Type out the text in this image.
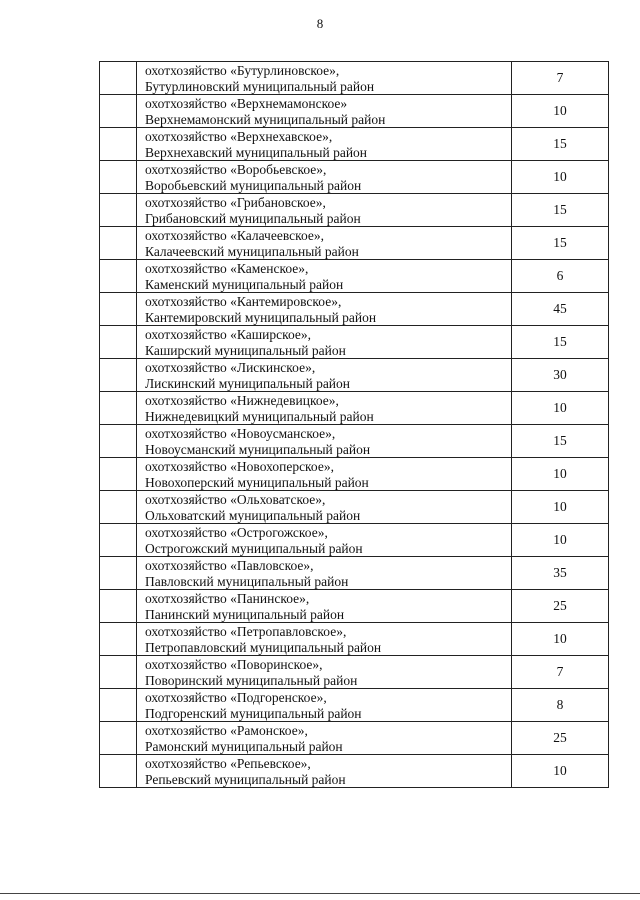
8

	охотхозяйство «Бутурлиновское»,
Бутурлиновский муниципальный район	7

	охотхозяйство «Верхнемамонское»
Верхнемамонский муниципальный район	10

	охотхозяйство «Верхнехавское»,
Верхнехавский муниципальный район	15

	охотхозяйство «Воробьевское»,
Воробьевский муниципальный район	10

	охотхозяйство «Грибановское»,
Грибановский муниципальный район	15

	охотхозяйство «Калачеевское»,
Калачеевский муниципальный район	15

	охотхозяйство «Каменское»,
Каменский муниципальный район	6

	охотхозяйство «Кантемировское»,
Кантемировский муниципальный район	45

	охотхозяйство «Каширское»,
Каширский муниципальный район	15

	охотхозяйство «Лискинское»,
Лискинский муниципальный район	30

	охотхозяйство «Нижнедевицкое»,
Нижнедевицкий муниципальный район	10

	охотхозяйство «Новоусманское»,
Новоусманский муниципальный район	15

	охотхозяйство «Новохоперское»,
Новохоперский муниципальный район	10

	охотхозяйство «Ольховатское»,
Ольховатский муниципальный район	10

	охотхозяйство «Острогожское»,
Острогожский муниципальный район	10

	охотхозяйство «Павловское»,
Павловский муниципальный район	35

	охотхозяйство «Панинское»,
Панинский муниципальный район	25

	охотхозяйство «Петропавловское»,
Петропавловский муниципальный район	10

	охотхозяйство «Поворинское»,
Поворинский муниципальный район	7

	охотхозяйство «Подгоренское»,
Подгоренский муниципальный район	8

	охотхозяйство «Рамонское»,
Рамонский муниципальный район	25

	охотхозяйство «Репьевское»,
Репьевский муниципальный район	10
